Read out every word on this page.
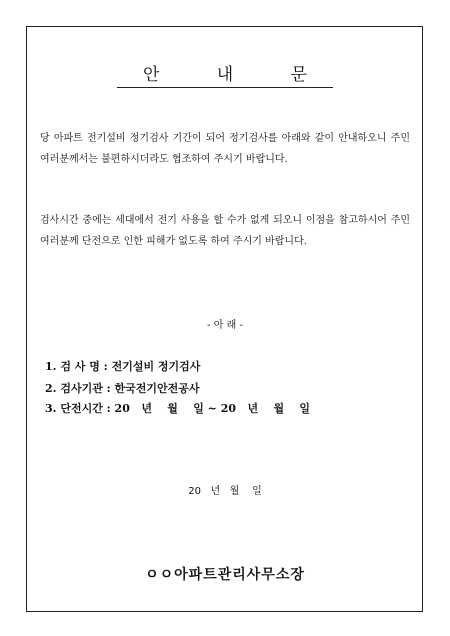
안 내 문
당 아파트 전기설비 정기검사 기간이 되어 정기검사를 아래와 같이 안내하오니 주민 여러분께서는 불편하시더라도 협조하여 주시기 바랍니다.
검사시간 중에는 세대에서 전기 사용을 할 수가 없게 되오니 이점을 참고하시어 주민 여러분께 단전으로 인한 피해가 없도록 하여 주시기 바랍니다.
- 아 래 -
1. 검 사 명 : 전기설비 정기검사
2. 검사기관 : 한국전기안전공사
3. 단전시간 : 20   년    월    일 ~ 20   년    월    일
20   년   월    일
ㅇㅇ아파트관리사무소장
